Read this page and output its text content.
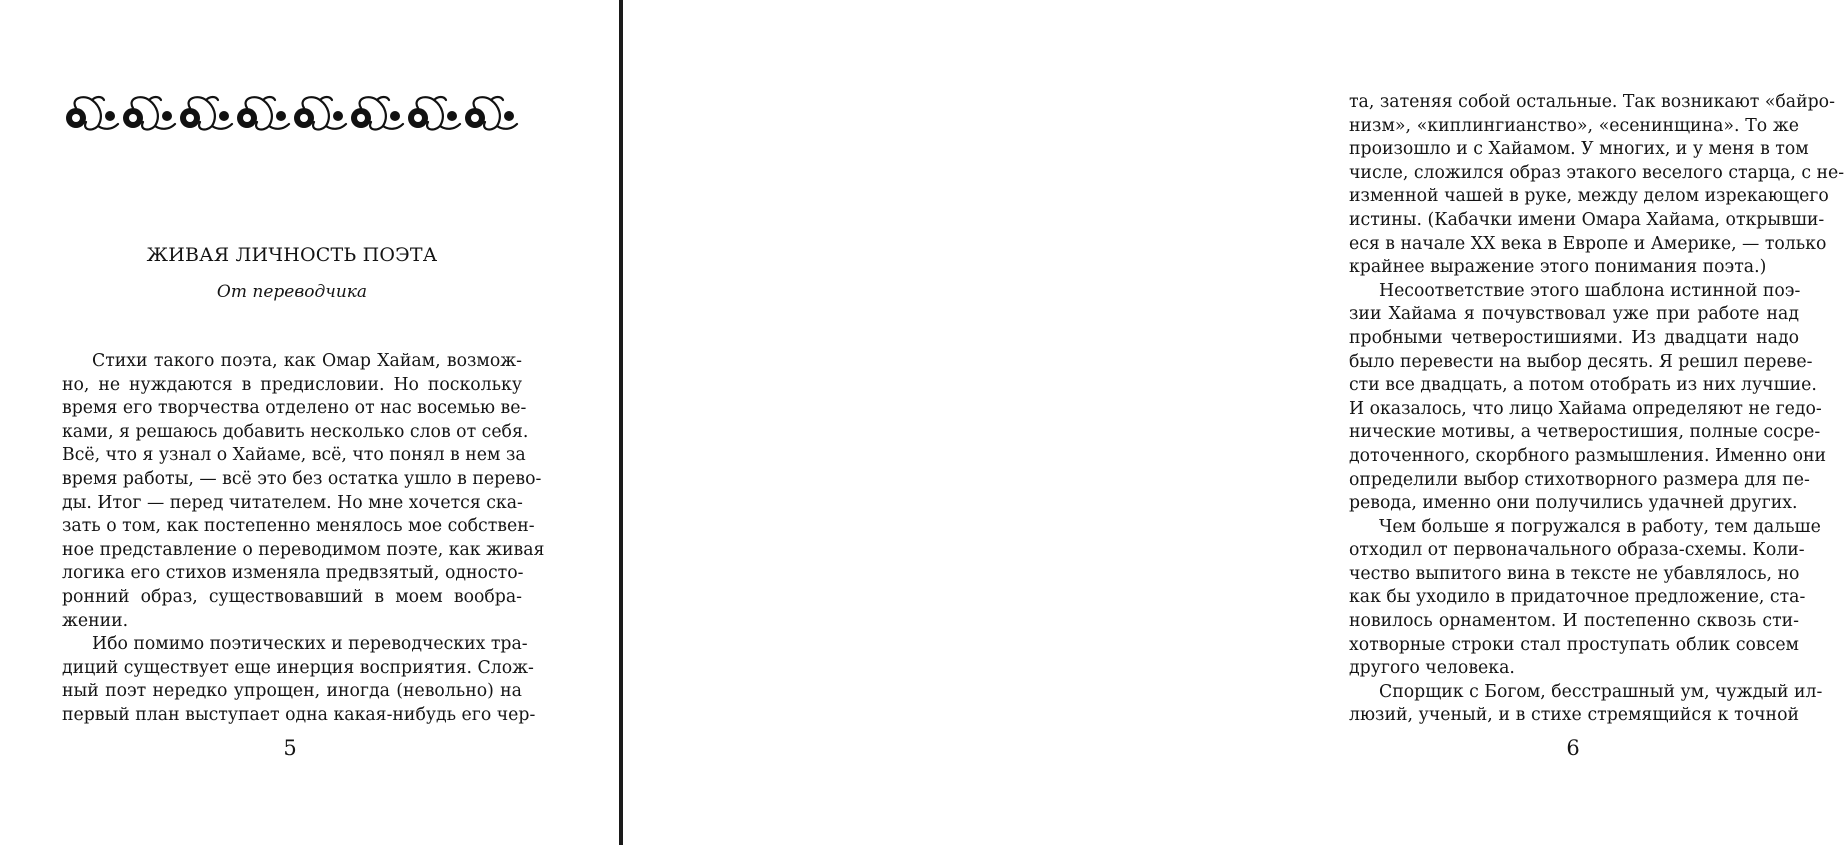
ЖИВАЯ ЛИЧНОСТЬ ПОЭТА
От переводчика
Стихи такого поэта, как Омар Хайам, возмож-
но, не нуждаются в предисловии. Но поскольку
время его творчества отделено от нас восемью ве-
ками, я решаюсь добавить несколько слов от себя.
Всё, что я узнал о Хайаме, всё, что понял в нем за
время работы, — всё это без остатка ушло в перево-
ды. Итог — перед читателем. Но мне хочется ска-
зать о том, как постепенно менялось мое собствен-
ное представление о переводимом поэте, как живая
логика его стихов изменяла предвзятый, односто-
ронний образ, существовавший в моем вообра-
жении.
Ибо помимо поэтических и переводческих тра-
диций существует еще инерция восприятия. Слож-
ный поэт нередко упрощен, иногда (невольно) на
первый план выступает одна какая-нибудь его чер-
5
та, затеняя собой остальные. Так возникают «байро-
низм», «киплингианство», «есенинщина». То же
произошло и с Хайамом. У многих, и у меня в том
числе, сложился образ этакого веселого старца, с не-
изменной чашей в руке, между делом изрекающего
истины. (Кабачки имени Омара Хайама, открывши-
еся в начале XX века в Европе и Америке, — только
крайнее выражение этого понимания поэта.)
Несоответствие этого шаблона истинной поэ-
зии Хайама я почувствовал уже при работе над
пробными четверостишиями. Из двадцати надо
было перевести на выбор десять. Я решил переве-
сти все двадцать, а потом отобрать из них лучшие.
И оказалось, что лицо Хайама определяют не гедо-
нические мотивы, а четверостишия, полные сосре-
доточенного, скорбного размышления. Именно они
определили выбор стихотворного размера для пе-
ревода, именно они получились удачней других.
Чем больше я погружался в работу, тем дальше
отходил от первоначального образа-схемы. Коли-
чество выпитого вина в тексте не убавлялось, но
как бы уходило в придаточное предложение, ста-
новилось орнаментом. И постепенно сквозь сти-
хотворные строки стал проступать облик совсем
другого человека.
Спорщик с Богом, бесстрашный ум, чуждый ил-
люзий, ученый, и в стихе стремящийся к точной
6
